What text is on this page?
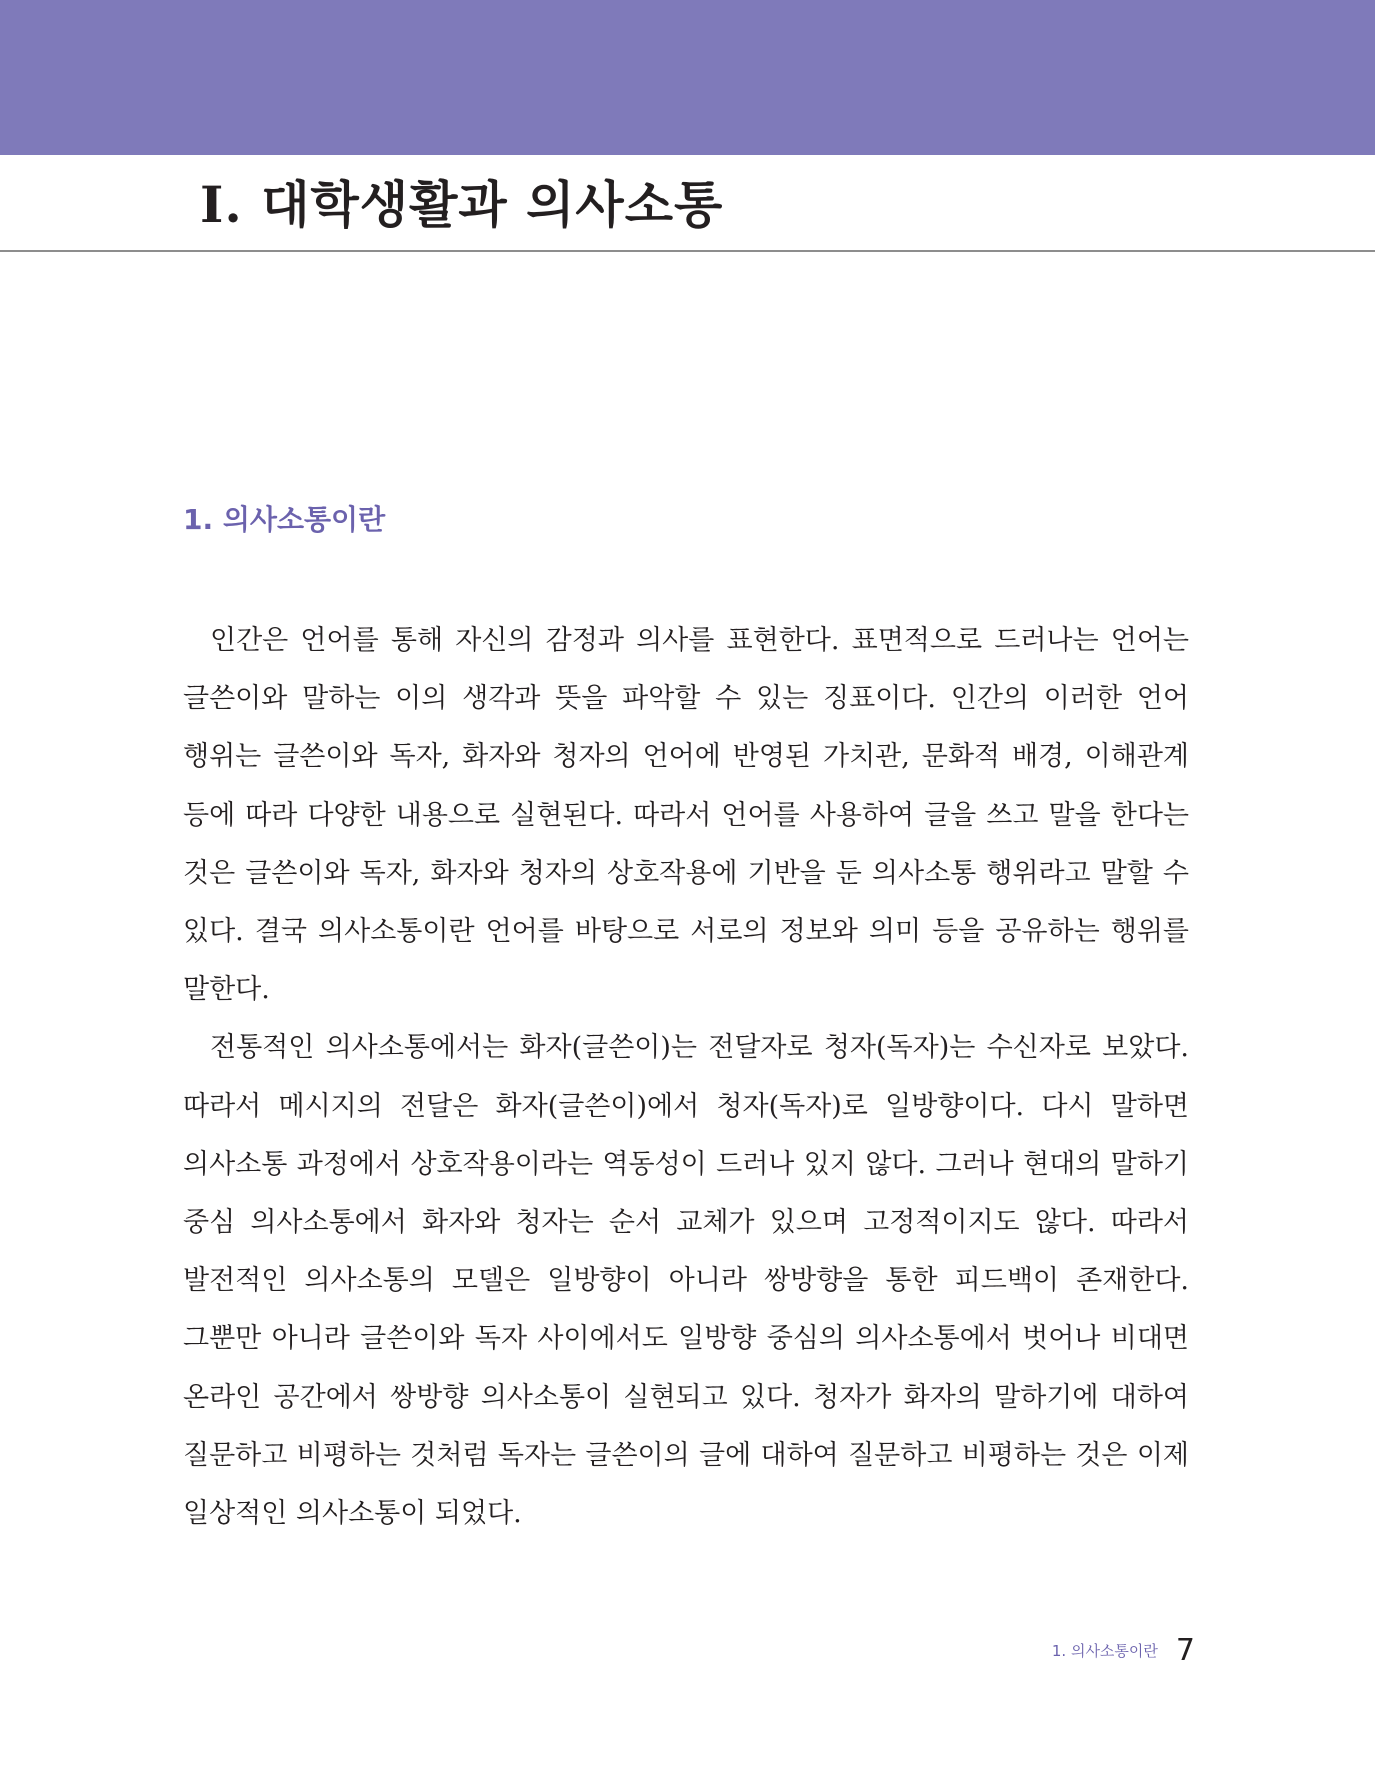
I. 대학생활과 의사소통
1. 의사소통이란

인간은 언어를 통해 자신의 감정과 의사를 표현한다. 표면적으로 드러나는 언어는 글쓴이와 말하는 이의 생각과 뜻을 파악할 수 있는 징표이다. 인간의 이러한 언어 행위는 글쓴이와 독자, 화자와 청자의 언어에 반영된 가치관, 문화적 배경, 이해관계 등에 따라 다양한 내용으로 실현된다. 따라서 언어를 사용하여 글을 쓰고 말을 한다는 것은 글쓴이와 독자, 화자와 청자의 상호작용에 기반을 둔 의사소통 행위라고 말할 수 있다. 결국 의사소통이란 언어를 바탕으로 서로의 정보와 의미 등을 공유하는 행위를 말한다.

전통적인 의사소통에서는 화자(글쓴이)는 전달자로 청자(독자)는 수신자로 보았다. 따라서 메시지의 전달은 화자(글쓴이)에서 청자(독자)로 일방향이다. 다시 말하면 의사소통 과정에서 상호작용이라는 역동성이 드러나 있지 않다. 그러나 현대의 말하기 중심 의사소통에서 화자와 청자는 순서 교체가 있으며 고정적이지도 않다. 따라서 발전적인 의사소통의 모델은 일방향이 아니라 쌍방향을 통한 피드백이 존재한다. 그뿐만 아니라 글쓴이와 독자 사이에서도 일방향 중심의 의사소통에서 벗어나 비대면 온라인 공간에서 쌍방향 의사소통이 실현되고 있다. 청자가 화자의 말하기에 대하여 질문하고 비평하는 것처럼 독자는 글쓴이의 글에 대하여 질문하고 비평하는 것은 이제 일상적인 의사소통이 되었다.

1. 의사소통이란 7
